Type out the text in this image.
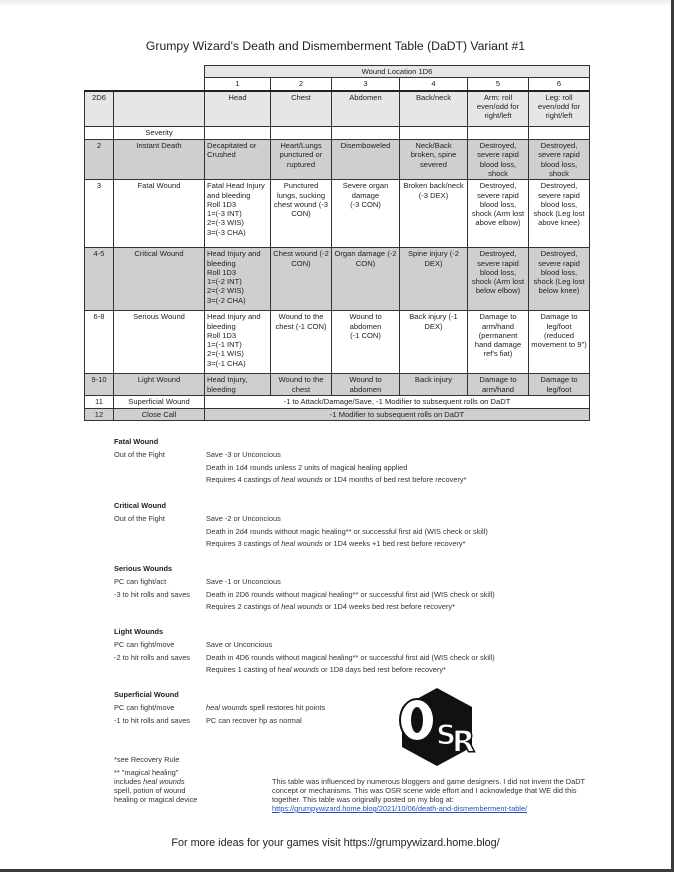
Grumpy Wizard's Death and Dismemberment Table (DaDT) Variant #1
		Wound Location 1D6					
		1	2	3	4	5	6
2D6		Head	Chest	Abdomen	Back/neck	Arm: roll even/odd for right/left	Leg: roll even/odd for right/left
	Severity						
2	Instant Death	Decapitated or Crushed	Heart/Lungs punctured or ruptured	Disemboweled	Neck/Back broken, spine severed	Destroyed, severe rapid blood loss, shock	Destroyed, severe rapid blood loss, shock
3	Fatal Wound	Fatal Head Injury and bleeding
Roll 1D3
1=(-3 INT)
2=(-3 WIS)
3=(-3 CHA)	Punctured lungs, sucking chest wound (-3 CON)	Severe organ damage
(-3 CON)	Broken back/neck (-3 DEX)	Destroyed, severe rapid blood loss, shock (Arm lost above elbow)	Destroyed, severe rapid blood loss, shock (Leg lost above knee)
4-5	Critical Wound	Head Injury and bleeding
Roll 1D3
1=(-2 INT)
2=(-2 WIS)
3=(-2 CHA)	Chest wound (-2 CON)	Organ damage (-2 CON)	Spine injury (-2 DEX)	Destroyed, severe rapid blood loss, shock (Arm lost below elbow)	Destroyed, severe rapid blood loss, shock (Leg lost below knee)
6-8	Serious Wound	Head Injury and bleeding
Roll 1D3
1=(-1 INT)
2=(-1 WIS)
3=(-1 CHA)	Wound to the chest (-1 CON)	Wound to abdomen
(-1 CON)	Back injury (-1 DEX)	Damage to arm/hand (permanent hand damage ref's fiat)	Damage to leg/foot (reduced movement to 9")
9-10	Light Wound	Head Injury, bleeding	Wound to the chest	Wound to abdomen	Back injury	Damage to arm/hand	Damage to leg/foot
11	Superficial Wound	-1 to Attack/Damage/Save, -1 Modifier to subsequent rolls on DaDT					
12	Close Call	-1 Modifier to subsequent rolls on DaDT					
Fatal Wound
Out of the Fight	Save -3 or Unconcious
Death in 1d4 rounds unless 2 units of magical healing applied
Requires 4 castings of heal wounds or 1D4 months of bed rest before recovery*
Critical Wound
Out of the Fight	Save -2 or Unconcious
Death in 2d4 rounds without magic healing** or successful first aid (WIS check or skill)
Requires 3 castings of heal wounds or 1D4 weeks +1 bed rest before recovery*
Serious Wounds
PC can fight/act	Save -1 or Unconcious
-3 to hit rolls and saves	Death in 2D6 rounds without magical healing** or successful first aid (WIS check or skill)
Requires 2 castings of heal wounds or 1D4 weeks bed rest before recovery*
Light Wounds
PC can fight/move	Save or Unconcious
-2 to hit rolls and saves	Death in 4D6 rounds without magical healing** or successful first aid (WIS check or skill)
Requires 1 casting of heal wounds or 1D8 days bed rest before recovery*
Superficial Wound
PC can fight/move	heal wounds spell restores hit points
-1 to hit rolls and saves	PC can recover hp as normal
*see Recovery Rule
** "magical healing" includes heal wounds spell, potion of wound healing or magical device
S
R
This table was influenced by numerous bloggers and game designers. I did not invent the DaDT concept or mechanisms. This was OSR scene wide effort and I acknowledge that WE did this together. This table was originally posted on my blog at: https://grumpywizard.home.blog/2021/10/06/death-and-dismemberment-table/
For more ideas for your games visit https://grumpywizard.home.blog/
